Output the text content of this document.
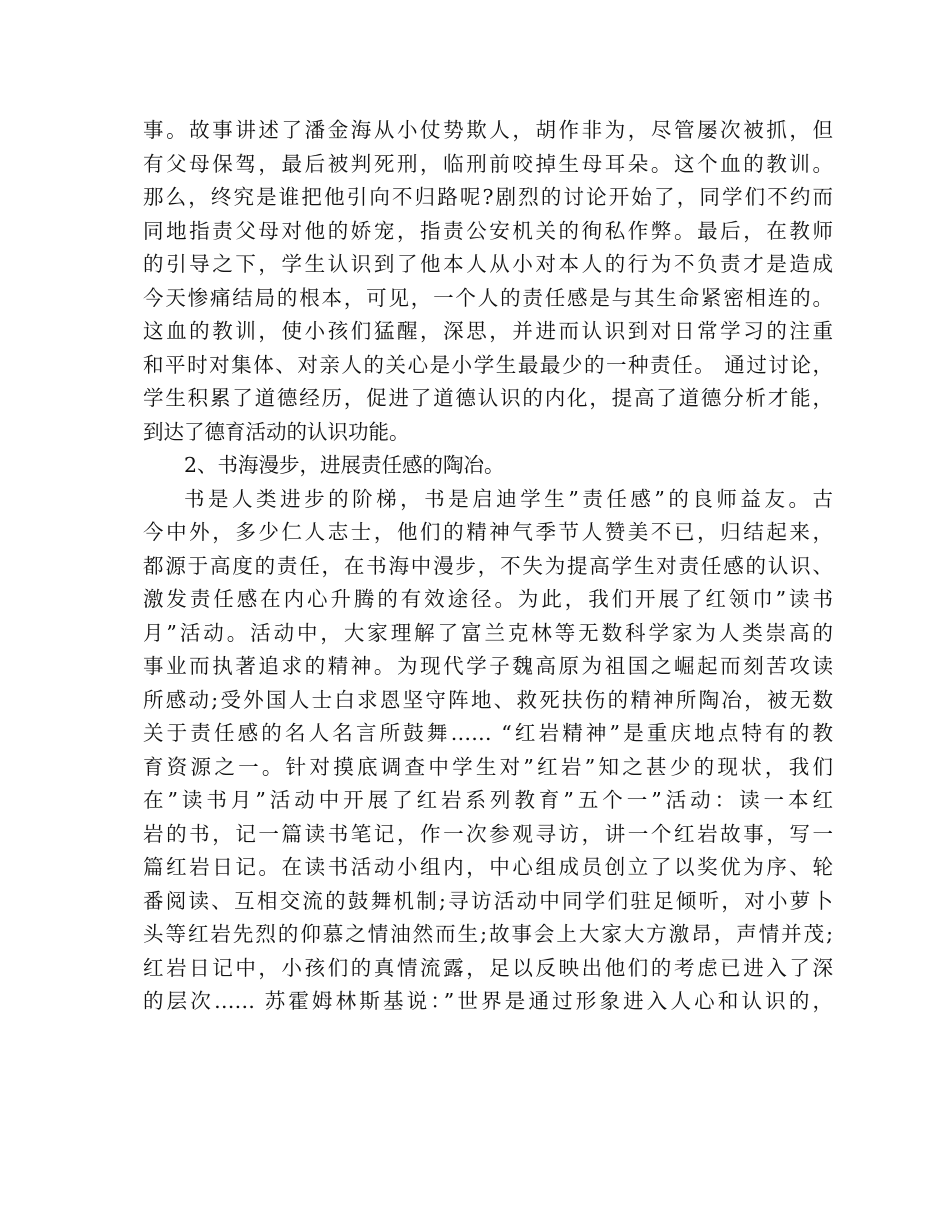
事。故事讲述了潘金海从小仗势欺人，胡作非为，尽管屡次被抓，但
有父母保驾，最后被判死刑，临刑前咬掉生母耳朵。这个血的教训。
那么，终究是谁把他引向不归路呢?剧烈的讨论开始了，同学们不约而
同地指责父母对他的娇宠，指责公安机关的徇私作弊。最后，在教师
的引导之下，学生认识到了他本人从小对本人的行为不负责才是造成
今天惨痛结局的根本，可见，一个人的责任感是与其生命紧密相连的。
这血的教训，使小孩们猛醒，深思，并进而认识到对日常学习的注重
和平时对集体、对亲人的关心是小学生最最少的一种责任。 通过讨论，
学生积累了道德经历，促进了道德认识的内化，提高了道德分析才能，
到达了德育活动的认识功能。
2、书海漫步，进展责任感的陶冶。
书是人类进步的阶梯，书是启迪学生”责任感”的良师益友。古
今中外，多少仁人志士，他们的精神气季节人赞美不已，归结起来，
都源于高度的责任，在书海中漫步，不失为提高学生对责任感的认识、
激发责任感在内心升腾的有效途径。为此，我们开展了红领巾”读书
月”活动。活动中，大家理解了富兰克林等无数科学家为人类崇高的
事业而执著追求的精神。为现代学子魏高原为祖国之崛起而刻苦攻读
所感动;受外国人士白求恩坚守阵地、救死扶伤的精神所陶冶，被无数
关于责任感的名人名言所鼓舞…… “红岩精神”是重庆地点特有的教
育资源之一。针对摸底调查中学生对”红岩”知之甚少的现状，我们
在”读书月”活动中开展了红岩系列教育”五个一”活动：读一本红
岩的书，记一篇读书笔记，作一次参观寻访，讲一个红岩故事，写一
篇红岩日记。在读书活动小组内，中心组成员创立了以奖优为序、轮
番阅读、互相交流的鼓舞机制;寻访活动中同学们驻足倾听，对小萝卜
头等红岩先烈的仰慕之情油然而生;故事会上大家大方激昂，声情并茂;
红岩日记中，小孩们的真情流露，足以反映出他们的考虑已进入了深
的层次…… 苏霍姆林斯基说：”世界是通过形象进入人心和认识的，
